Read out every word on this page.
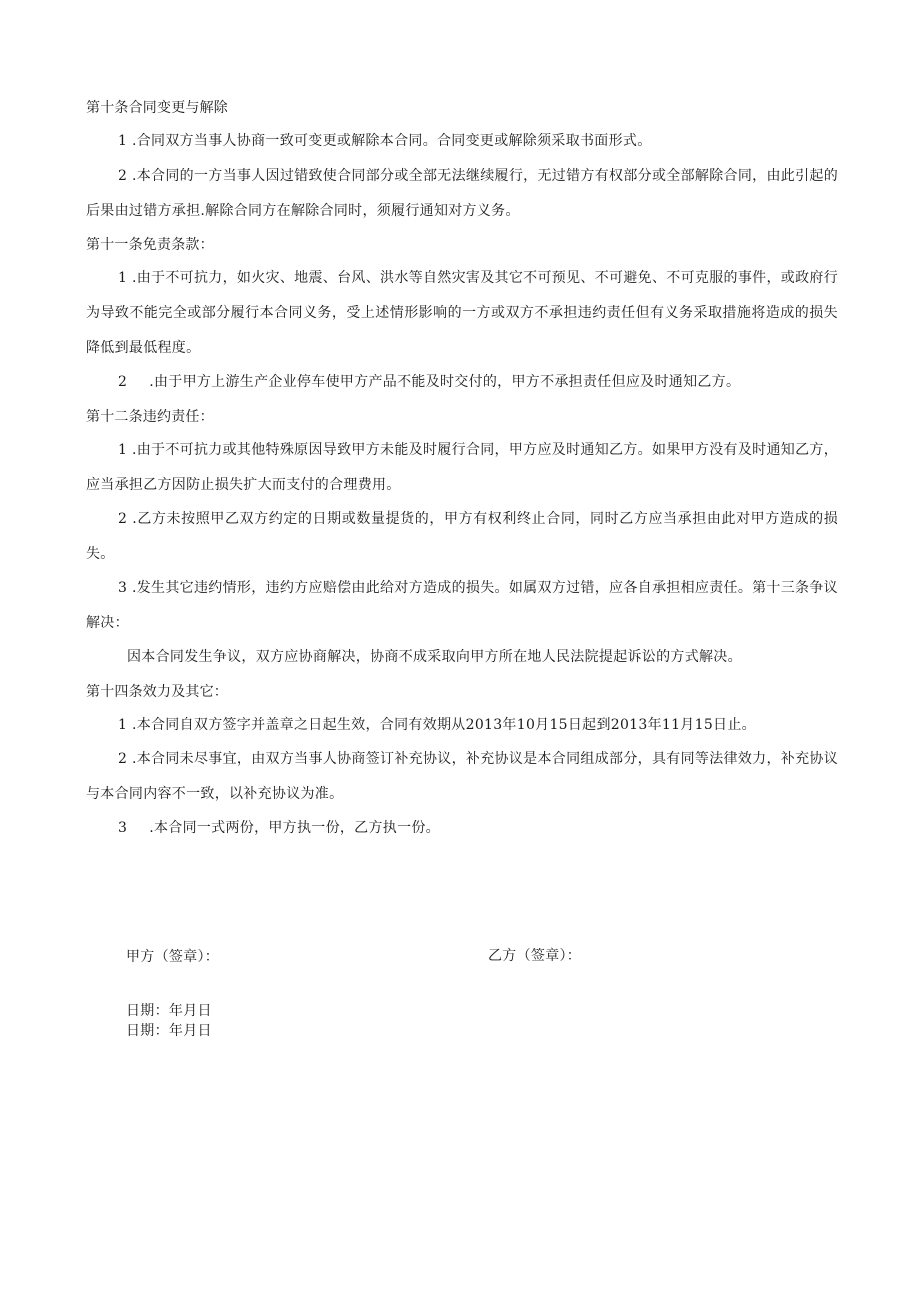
第十条合同变更与解除
1 .合同双方当事人协商一致可变更或解除本合同。合同变更或解除须采取书面形式。
2 .本合同的一方当事人因过错致使合同部分或全部无法继续履行，无过错方有权部分或全部解除合同，由此引起的后果由过错方承担.解除合同方在解除合同时，须履行通知对方义务。
第十一条免责条款：
1 .由于不可抗力，如火灾、地震、台风、洪水等自然灾害及其它不可预见、不可避免、不可克服的事件，或政府行为导致不能完全或部分履行本合同义务，受上述情形影响的一方或双方不承担违约责任但有义务采取措施将造成的损失降低到最低程度。
2 .由于甲方上游生产企业停车使甲方产品不能及时交付的，甲方不承担责任但应及时通知乙方。
第十二条违约责任：
1 .由于不可抗力或其他特殊原因导致甲方未能及时履行合同，甲方应及时通知乙方。如果甲方没有及时通知乙方，应当承担乙方因防止损失扩大而支付的合理费用。
2 .乙方未按照甲乙双方约定的日期或数量提货的，甲方有权利终止合同，同时乙方应当承担由此对甲方造成的损失。
3 .发生其它违约情形，违约方应赔偿由此给对方造成的损失。如属双方过错，应各自承担相应责任。第十三条争议解决：
因本合同发生争议，双方应协商解决，协商不成采取向甲方所在地人民法院提起诉讼的方式解决。
第十四条效力及其它：
1 .本合同自双方签字并盖章之日起生效，合同有效期从2013年10月15日起到2013年11月15日止。
2 .本合同未尽事宜，由双方当事人协商签订补充协议，补充协议是本合同组成部分，具有同等法律效力，补充协议与本合同内容不一致，以补充协议为准。
3 .本合同一式两份，甲方执一份，乙方执一份。
甲方（签章）：	乙方（签章）：
日期：年月日
日期：年月日
